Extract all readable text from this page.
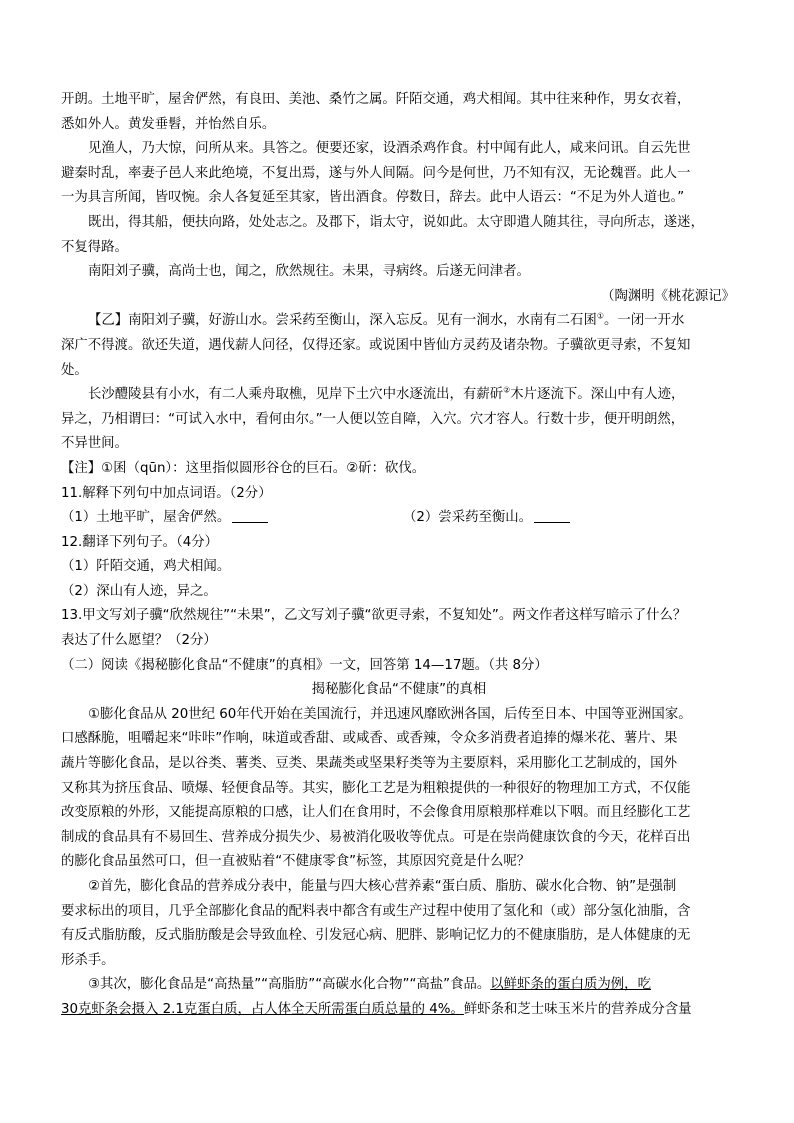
开朗。土地平旷，屋舍俨然，有良田、美池、桑竹之属。阡陌交通，鸡犬相闻。其中往来种作，男女衣着，
悉如外人。黄发垂髫，并怡然自乐。
见渔人，乃大惊，问所从来。具答之。便要还家，设酒杀鸡作食。村中闻有此人，咸来问讯。自云先世
避秦时乱，率妻子邑人来此绝境，不复出焉，遂与外人间隔。问今是何世，乃不知有汉，无论魏晋。此人一
一为具言所闻，皆叹惋。余人各复延至其家，皆出酒食。停数日，辞去。此中人语云：“不足为外人道也。”
既出，得其船，便扶向路，处处志之。及郡下，诣太守，说如此。太守即遣人随其往，寻向所志，遂迷，
不复得路。
南阳刘子骥，高尚士也，闻之，欣然规往。未果，寻病终。后遂无问津者。
（陶渊明《桃花源记》
【乙】南阳刘子骥，好游山水。尝采药至衡山，深入忘反。见有一涧水，水南有二石囷①。一闭一开水
深广不得渡。欲还失道，遇伐薪人问径，仅得还家。或说囷中皆仙方灵药及诸杂物。子骥欲更寻索，不复知
处。
长沙醴陵县有小水，有二人乘舟取樵，见岸下土穴中水逐流出，有薪斫②木片逐流下。深山中有人迹，
异之，乃相谓曰：“可试入水中，看何由尔。”一人便以笠自障，入穴。穴才容人。行数十步，便开明朗然，
不异世间。
【注】①囷（qūn）：这里指似圆形谷仓的巨石。②斫：砍伐。
11.解释下列句中加点词语。（2分）
（1）土地平旷，屋舍俨然。	（2）尝采药至衡山。
12.翻译下列句子。（4分）
（1）阡陌交通，鸡犬相闻。
（2）深山有人迹，异之。
13.甲文写刘子骥“欣然规往”“未果”，乙文写刘子骥“欲更寻索，不复知处”。两文作者这样写暗示了什么？
表达了什么愿望？（2分）
（二）阅读《揭秘膨化食品“不健康”的真相》一文，回答第 14—17题。（共 8分）
揭秘膨化食品“不健康”的真相
①膨化食品从 20世纪 60年代开始在美国流行，并迅速风靡欧洲各国，后传至日本、中国等亚洲国家。
口感酥脆，咀嚼起来“咔咔”作响，味道或香甜、或咸香、或香辣，令众多消费者追捧的爆米花、薯片、果
蔬片等膨化食品，是以谷类、薯类、豆类、果蔬类或坚果籽类等为主要原料，采用膨化工艺制成的，国外
又称其为挤压食品、喷爆、轻便食品等。其实，膨化工艺是为粗粮提供的一种很好的物理加工方式，不仅能
改变原粮的外形，又能提高原粮的口感，让人们在食用时，不会像食用原粮那样难以下咽。而且经膨化工艺
制成的食品具有不易回生、营养成分损失少、易被消化吸收等优点。可是在崇尚健康饮食的今天，花样百出
的膨化食品虽然可口，但一直被贴着“不健康零食”标签，其原因究竟是什么呢？
②首先，膨化食品的营养成分表中，能量与四大核心营养素“蛋白质、脂肪、碳水化合物、钠”是强制
要求标出的项目，几乎全部膨化食品的配料表中都含有或生产过程中使用了氢化和（或）部分氢化油脂，含
有反式脂肪酸，反式脂肪酸是会导致血栓、引发冠心病、肥胖、影响记忆力的不健康脂肪，是人体健康的无
形杀手。
③其次，膨化食品是“高热量”“高脂肪”“高碳水化合物”“高盐”食品。以鲜虾条的蛋白质为例，吃
30克虾条会摄入 2.1克蛋白质，占人体全天所需蛋白质总量的 4%。鲜虾条和芝士味玉米片的营养成分含量
